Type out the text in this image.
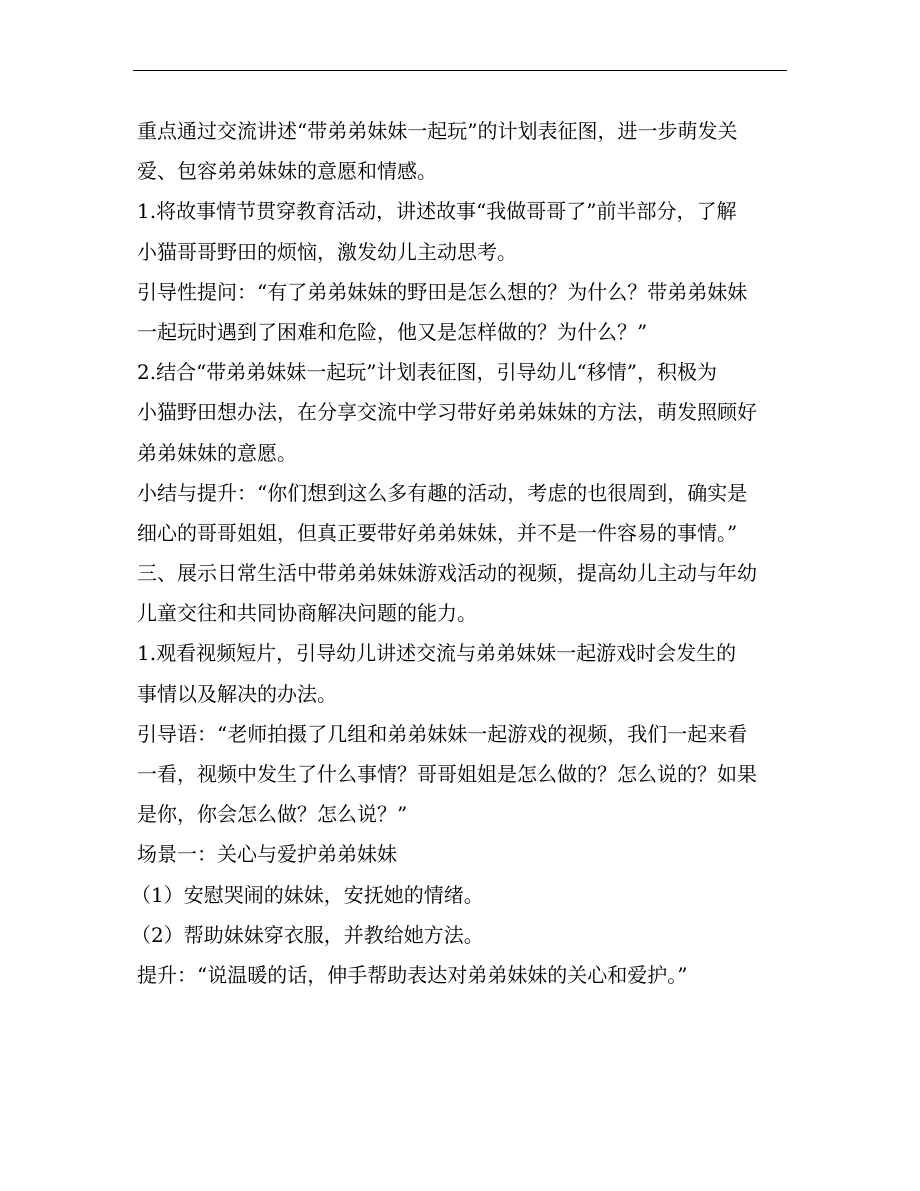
重点通过交流讲述“带弟弟妹妹一起玩”的计划表征图，进一步萌发关
爱、包容弟弟妹妹的意愿和情感。

1.将故事情节贯穿教育活动，讲述故事“我做哥哥了”前半部分，了解
小猫哥哥野田的烦恼，激发幼儿主动思考。

引导性提问：“有了弟弟妹妹的野田是怎么想的？为什么？带弟弟妹妹
一起玩时遇到了困难和危险，他又是怎样做的？为什么？”

2.结合“带弟弟妹妹一起玩”计划表征图，引导幼儿“移情”，积极为
小猫野田想办法，在分享交流中学习带好弟弟妹妹的方法，萌发照顾好
弟弟妹妹的意愿。

小结与提升：“你们想到这么多有趣的活动，考虑的也很周到，确实是
细心的哥哥姐姐，但真正要带好弟弟妹妹，并不是一件容易的事情。”

三、展示日常生活中带弟弟妹妹游戏活动的视频，提高幼儿主动与年幼
儿童交往和共同协商解决问题的能力。

1.观看视频短片，引导幼儿讲述交流与弟弟妹妹一起游戏时会发生的
事情以及解决的办法。

引导语：“老师拍摄了几组和弟弟妹妹一起游戏的视频，我们一起来看
一看，视频中发生了什么事情？哥哥姐姐是怎么做的？怎么说的？如果
是你，你会怎么做？怎么说？”

场景一：关心与爱护弟弟妹妹

（1）安慰哭闹的妹妹，安抚她的情绪。

（2）帮助妹妹穿衣服，并教给她方法。

提升：“说温暖的话，伸手帮助表达对弟弟妹妹的关心和爱护。”
